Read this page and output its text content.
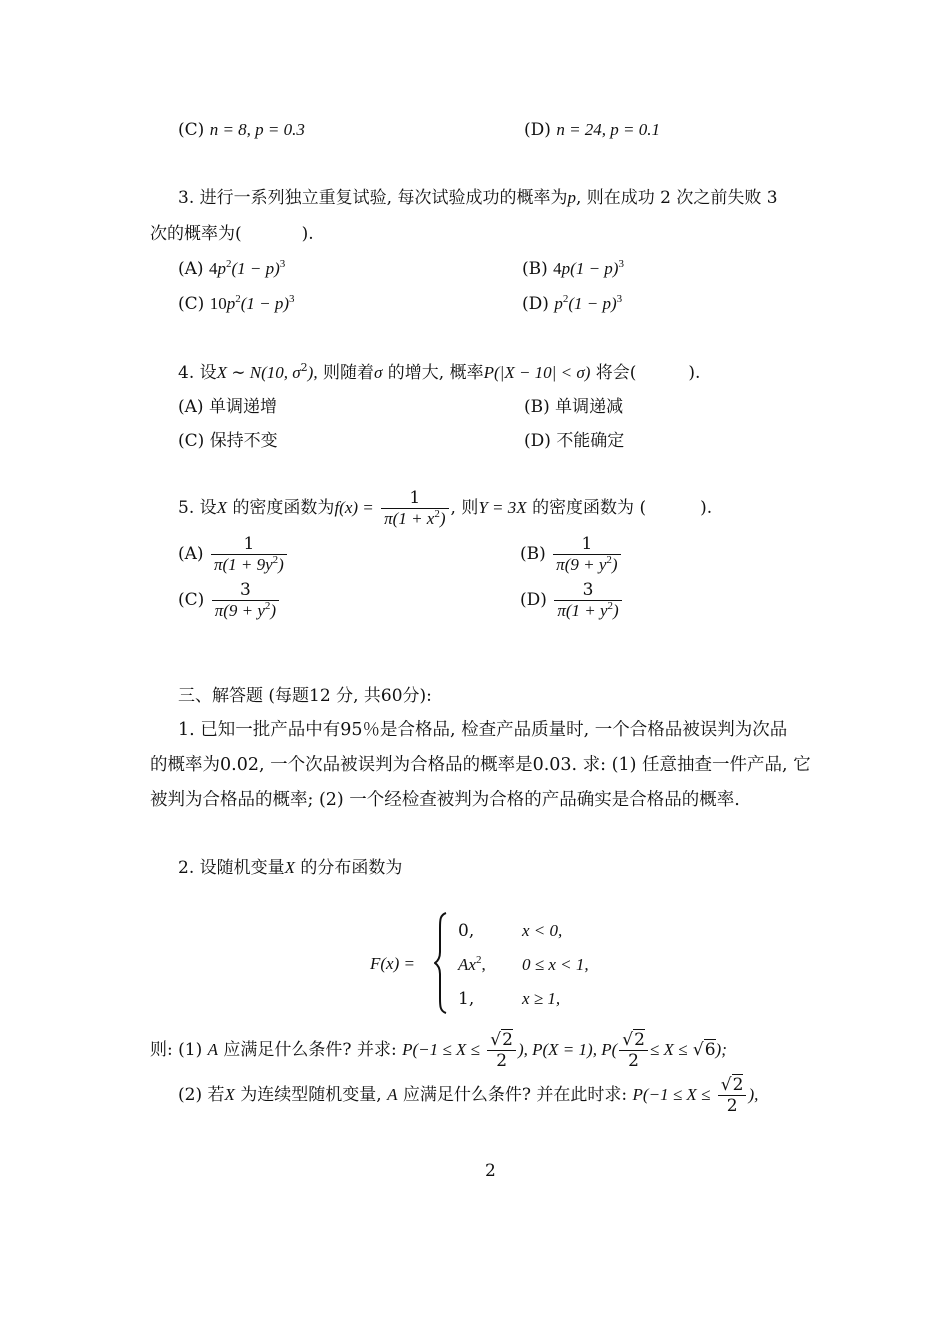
(C) n = 8, p = 0.3	(D) n = 24, p = 0.1
3. 进行一系列独立重复试验, 每次试验成功的概率为p, 则在成功 2 次之前失败 3
次的概率为(	).
(A) $4p^2(1 - p)^3$	(B) $4p(1 - p)^3$
(C) $10p^2(1 - p)^3$	(D) $p^2(1 - p)^3$
4. 设X ∼ N(10, $\sigma^2$), 则随着σ 的增大, 概率P(|X − 10| < σ) 将会(	).
(A) 单调递增	(B) 单调递减
(C) 保持不变	(D) 不能确定
5. 设X 的密度函数为$f(x) = \frac{1}{\pi(1 + x^2)}$ , 则Y = 3X 的密度函数为 (	).
$(A) \frac{1}{\pi(1 + 9y^2)}$	$(B) \frac{1}{\pi(9 + y^2)}$
$(C) \frac{3}{\pi(9 + y^2)}$	$(D) \frac{3}{\pi(1 + y^2)}$
三、解答题 (每题12 分, 共60分):
1. 已知一批产品中有95％是合格品, 检查产品质量时, 一个合格品被误判为次品
的概率为0.02, 一个次品被误判为合格品的概率是0.03. 求: (1) 任意抽查一件产品, 它
被判为合格品的概率; (2) 一个经检查被判为合格的产品确实是合格品的概率.
2. 设随机变量X 的分布函数为
F(x) =
0,	x < 0,
Ax$^2$, 0 ≤ x < 1,
1,	x ≥ 1,
则: (1) A 应满足什么条件? 并求: $P(-1 \le X \le \frac{√2}{2}$ ), P(X = 1), $P( \frac{√2}{2} \le X \le √6)$;
(2) 若X 为连续型随机变量, A 应满足什么条件? 并在此时求: $P(-1 \le X \le \frac{√2}{2}$ ),
2
